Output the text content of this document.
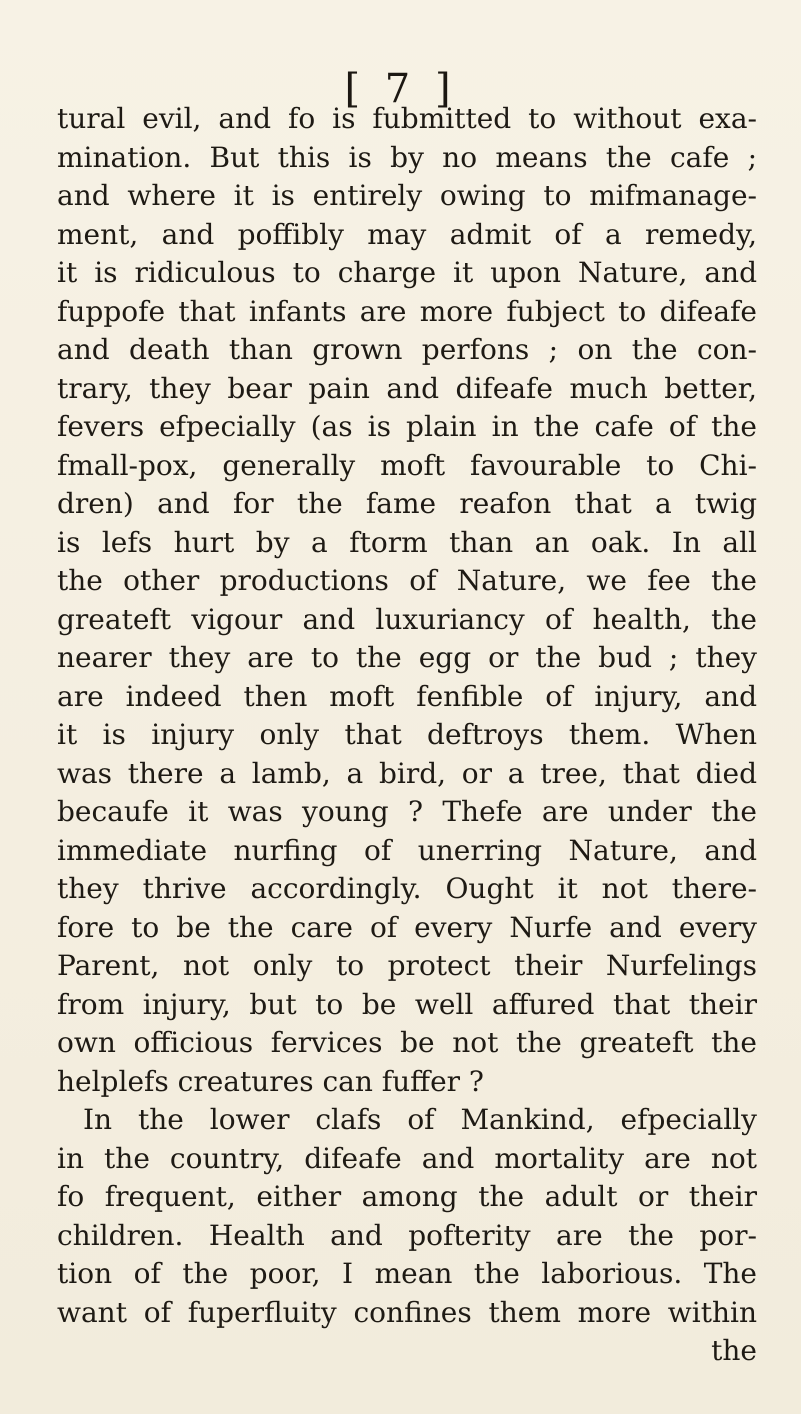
[ 7 ]
tural evil, and fo is fubmitted to without exa-
mination. But this is by no means the cafe ;
and where it is entirely owing to mifmanage-
ment, and poffibly may admit of a remedy,
it is ridiculous to charge it upon Nature, and
fuppofe that infants are more fubject to difeafe
and death than grown perfons ; on the con-
trary, they bear pain and difeafe much better,
fevers efpecially (as is plain in the cafe of the
fmall-pox, generally moft favourable to Chi-
dren) and for the fame reafon that a twig
is lefs hurt by a ftorm than an oak. In all
the other productions of Nature, we fee the
greateft vigour and luxuriancy of health, the
nearer they are to the egg or the bud ; they
are indeed then moft fenfible of injury, and
it is injury only that deftroys them. When
was there a lamb, a bird, or a tree, that died
becaufe it was young ? Thefe are under the
immediate nurfing of unerring Nature, and
they thrive accordingly. Ought it not there-
fore to be the care of every Nurfe and every
Parent, not only to protect their Nurfelings
from injury, but to be well affured that their
own officious fervices be not the greateft the
helplefs creatures can fuffer ?
In the lower clafs of Mankind, efpecially
in the country, difeafe and mortality are not
fo frequent, either among the adult or their
children. Health and pofterity are the por-
tion of the poor, I mean the laborious. The
want of fuperfluity confines them more within
the
